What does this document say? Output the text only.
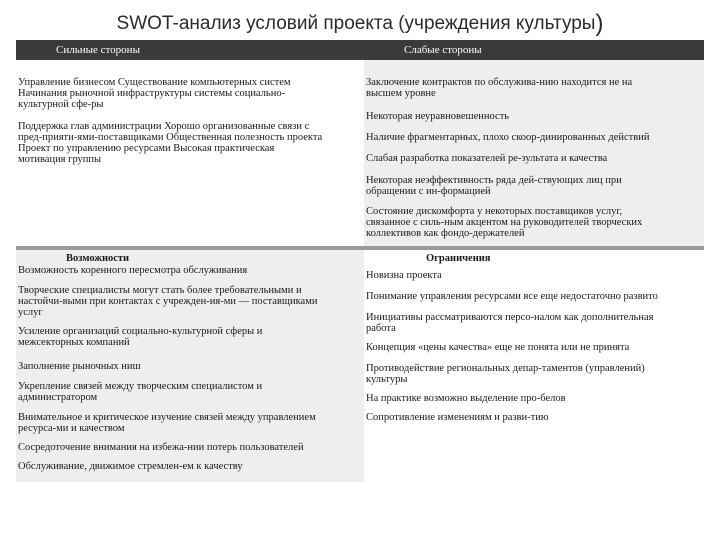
SWOT-анализ условий проекта (учреждения культуры)
Сильные стороны	Слабые стороны

Управление бизнесом Существование компьютерных систем

Начинания рыночной инфраструктуры системы социально-

культурной сфе-ры

Поддержка глав администрации Хорошо организованные связи с

пред-прияти-ями-поставщиками Общественная полезность проекта

Проект по управлению ресурсами Высокая практическая

мотивация группы

Заключение контрактов по обслужива-нию находится не на

высшем уровне

Некоторая неуравновешенность

Наличие фрагментарных, плохо скоор-динированных действий

Слабая разработка показателей ре-зультата и качества

Некоторая неэффективность ряда дей-ствующих лиц при

обращении с ин-формацией

Состояние дискомфорта у некоторых поставщиков услуг,

связанное с силь-ным акцентом на руководителей творческих

коллективов как фондо-держателей

Возможности

Возможность коренного пересмотра обслуживания

Творческие специалисты могут стать более требовательными и

настойчи-выми при контактах с учрежден-ия-ми — поставщиками

услуг

Усиление организаций социально-культурной сферы и

межсекторных компаний

Заполнение рыночных ниш

Укрепление связей между творческим специалистом и

администратором

Внимательное и критическое изучение связей между управлением

ресурса-ми и качеством

Сосредоточение внимания на избежа-нии потерь пользователей

Обслуживание, движимое стремлен-ем к качеству

Ограничения

Новизна проекта

Понимание управления ресурсами все еще недостаточно развито

Инициативы рассматриваются персо-налом как дополнительная

работа

Концепция «цены качества» еще не понята или не принята

Противодействие региональных депар-таментов (управлений)

культуры

На практике возможно выделение про-белов

Сопротивление изменениям и разви-тию
